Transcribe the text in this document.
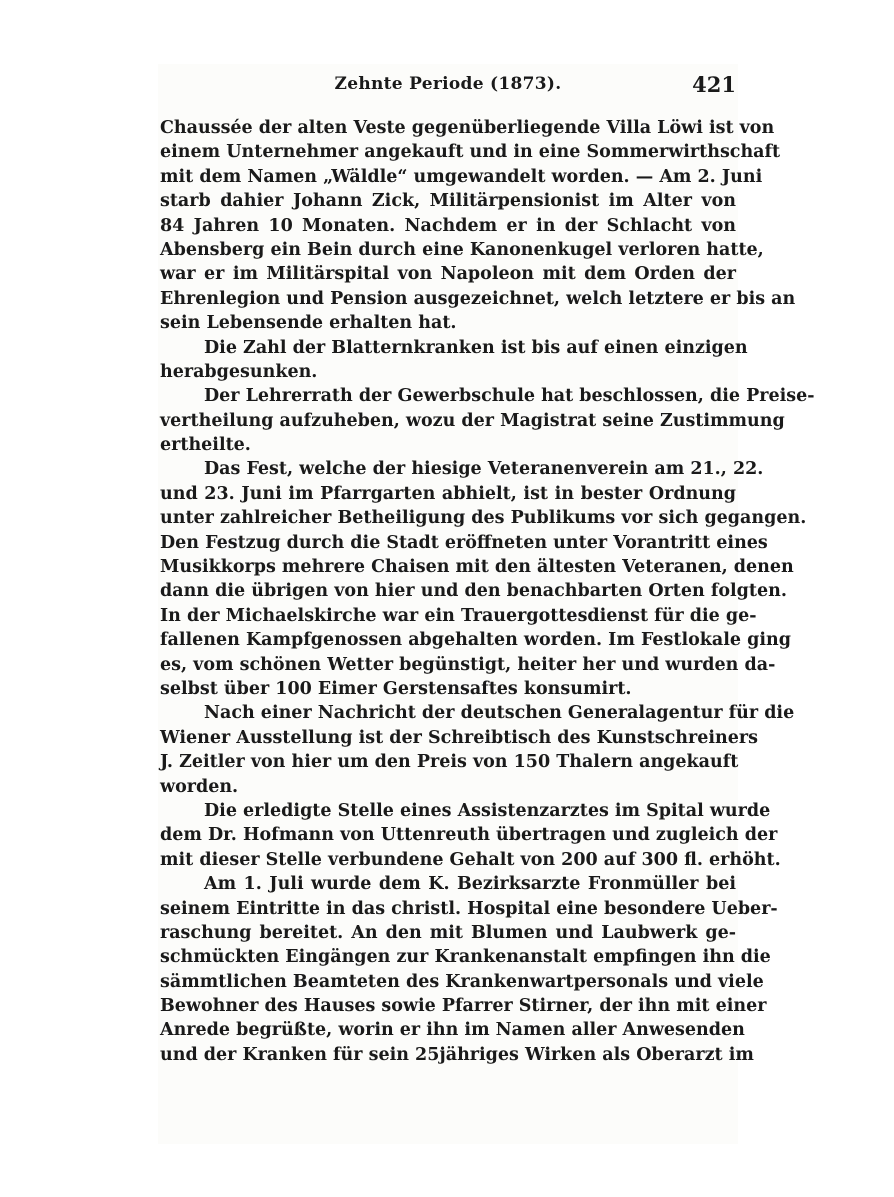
Zehnte Periode (1873).	421
Chaussée der alten Veste gegenüberliegende Villa Löwi ist von
einem Unternehmer angekauft und in eine Sommerwirthschaft
mit dem Namen „Wäldle“ umgewandelt worden. — Am 2. Juni
starb dahier Johann Zick, Militärpensionist im Alter von
84 Jahren 10 Monaten. Nachdem er in der Schlacht von
Abensberg ein Bein durch eine Kanonenkugel verloren hatte,
war er im Militärspital von Napoleon mit dem Orden der
Ehrenlegion und Pension ausgezeichnet, welch letztere er bis an
sein Lebensende erhalten hat.
Die Zahl der Blatternkranken ist bis auf einen einzigen
herabgesunken.
Der Lehrerrath der Gewerbschule hat beschlossen, die Preise-
vertheilung aufzuheben, wozu der Magistrat seine Zustimmung
ertheilte.
Das Fest, welche der hiesige Veteranenverein am 21., 22.
und 23. Juni im Pfarrgarten abhielt, ist in bester Ordnung
unter zahlreicher Betheiligung des Publikums vor sich gegangen.
Den Festzug durch die Stadt eröffneten unter Vorantritt eines
Musikkorps mehrere Chaisen mit den ältesten Veteranen, denen
dann die übrigen von hier und den benachbarten Orten folgten.
In der Michaelskirche war ein Trauergottesdienst für die ge-
fallenen Kampfgenossen abgehalten worden. Im Festlokale ging
es, vom schönen Wetter begünstigt, heiter her und wurden da-
selbst über 100 Eimer Gerstensaftes konsumirt.
Nach einer Nachricht der deutschen Generalagentur für die
Wiener Ausstellung ist der Schreibtisch des Kunstschreiners
J. Zeitler von hier um den Preis von 150 Thalern angekauft
worden.
Die erledigte Stelle eines Assistenzarztes im Spital wurde
dem Dr. Hofmann von Uttenreuth übertragen und zugleich der
mit dieser Stelle verbundene Gehalt von 200 auf 300 fl. erhöht.
Am 1. Juli wurde dem K. Bezirksarzte Fronmüller bei
seinem Eintritte in das christl. Hospital eine besondere Ueber-
raschung bereitet. An den mit Blumen und Laubwerk ge-
schmückten Eingängen zur Krankenanstalt empfingen ihn die
sämmtlichen Beamteten des Krankenwartpersonals und viele
Bewohner des Hauses sowie Pfarrer Stirner, der ihn mit einer
Anrede begrüßte, worin er ihn im Namen aller Anwesenden
und der Kranken für sein 25jähriges Wirken als Oberarzt im
